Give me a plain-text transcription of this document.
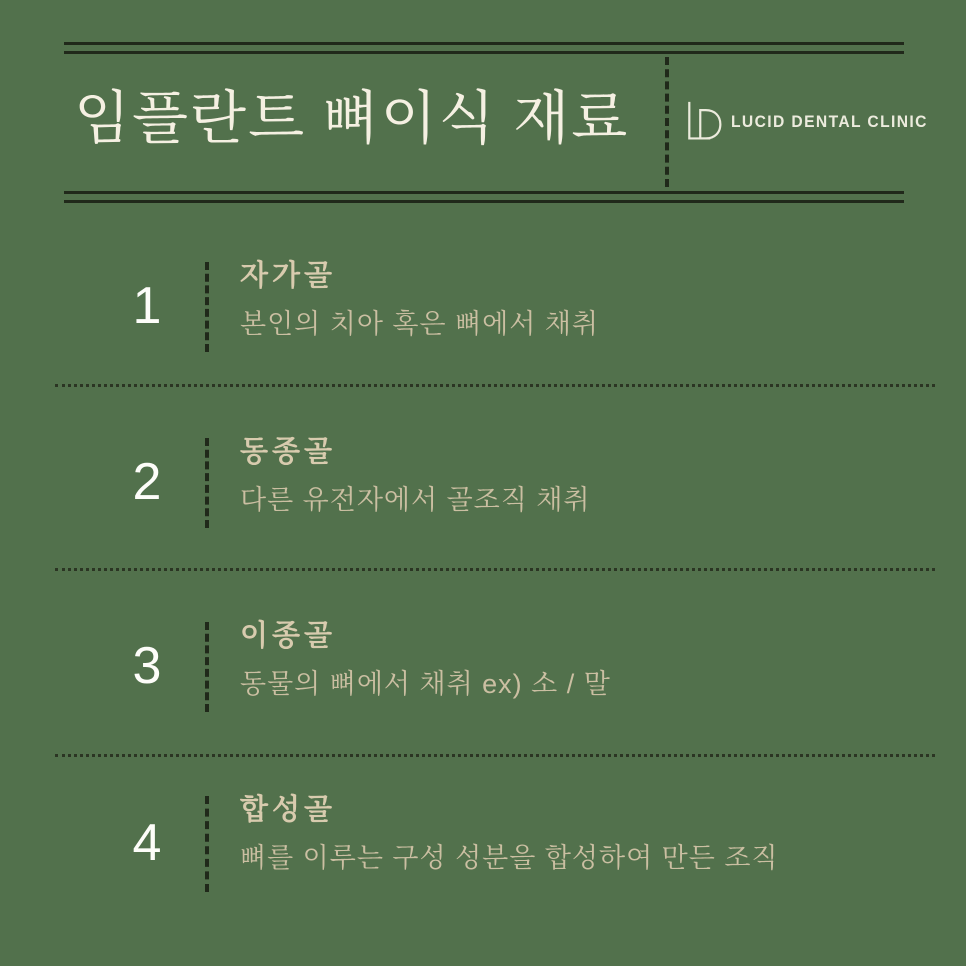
임플란트 뼈이식 재료	LUCID DENTAL CLINIC
1
자가골
본인의 치아 혹은 뼈에서 채취
2
동종골
다른 유전자에서 골조직 채취
3
이종골
동물의 뼈에서 채취 ex) 소 / 말
4
합성골
뼈를 이루는 구성 성분을 합성하여 만든 조직
